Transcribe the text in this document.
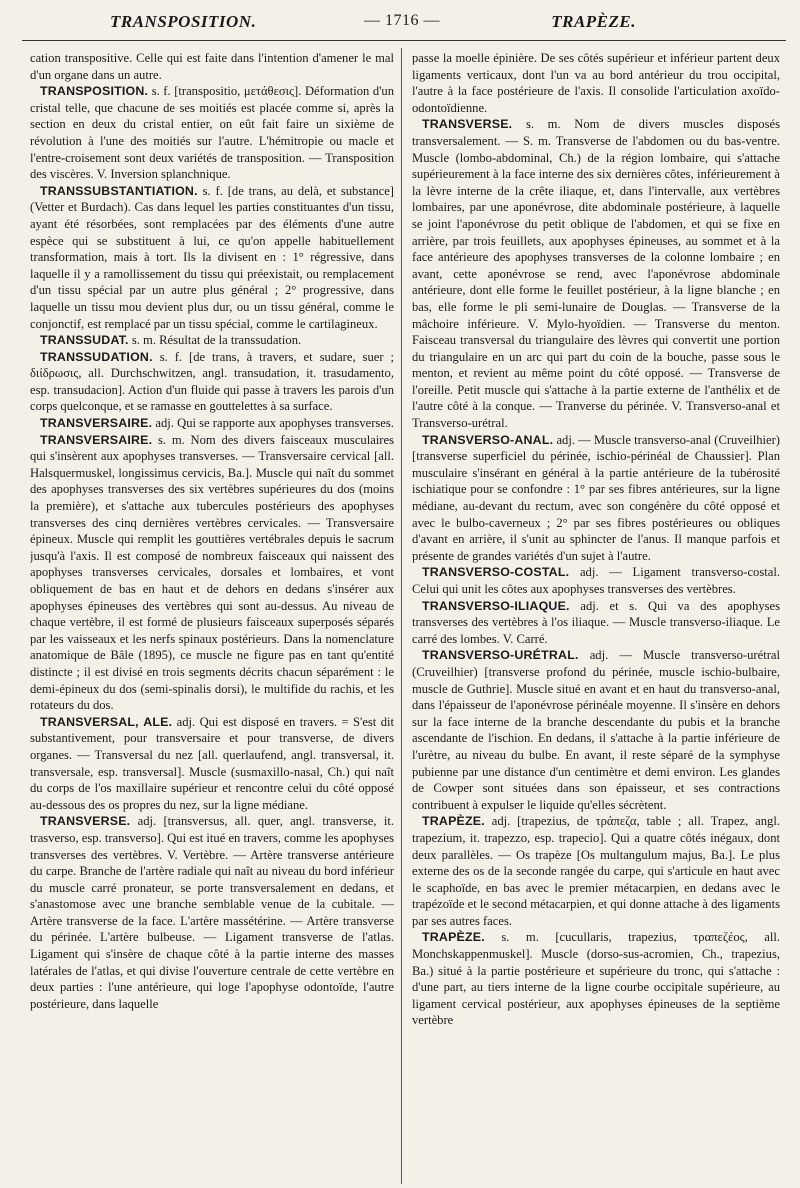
TRANSPOSITION.	— 1716 —	TRAPÈZE.

cation transpositive. Celle qui est faite dans l'intention d'amener le mal d'un organe dans un autre.

TRANSPOSITION. s. f. [transpositio, μετάθεσις]. Déformation d'un cristal telle, que chacune de ses moitiés est placée comme si, après la section en deux du cristal entier, on eût fait faire un sixième de révolution à l'une des moitiés sur l'autre. L'hémitropie ou macle et l'entre-croisement sont deux variétés de transposition. — Transposition des viscères. V. Inversion splanchnique.

TRANSSUBSTANTIATION. s. f. [de trans, au delà, et substance] (Vetter et Burdach). Cas dans lequel les parties constituantes d'un tissu, ayant été résorbées, sont remplacées par des éléments d'une autre espèce qui se substituent à lui, ce qu'on appelle habituellement transformation, mais à tort. Ils la divisent en : 1° régressive, dans laquelle il y a ramollissement du tissu qui préexistait, ou remplacement d'un tissu spécial par un autre plus général ; 2° progressive, dans laquelle un tissu mou devient plus dur, ou un tissu général, comme le conjonctif, est remplacé par un tissu spécial, comme le cartilagineux.

TRANSSUDAT. s. m. Résultat de la transsudation.

TRANSSUDATION. s. f. [de trans, à travers, et sudare, suer ; διίδρωσις, all. Durchschwitzen, angl. transudation, it. trasudamento, esp. transudacion]. Action d'un fluide qui passe à travers les parois d'un corps quelconque, et se ramasse en gouttelettes à sa surface.

TRANSVERSAIRE. adj. Qui se rapporte aux apophyses transverses.

TRANSVERSAIRE. s. m. Nom des divers faisceaux musculaires qui s'insèrent aux apophyses transverses. — Transversaire cervical [all. Halsquermuskel, longissimus cervicis, Ba.]. Muscle qui naît du sommet des apophyses transverses des six vertèbres supérieures du dos (moins la première), et s'attache aux tubercules postérieurs des apophyses transverses des cinq dernières vertèbres cervicales. — Transversaire épineux. Muscle qui remplit les gouttières vertébrales depuis le sacrum jusqu'à l'axis. Il est composé de nombreux faisceaux qui naissent des apophyses transverses cervicales, dorsales et lombaires, et vont obliquement de bas en haut et de dehors en dedans s'insérer aux apophyses épineuses des vertèbres qui sont au-dessus. Au niveau de chaque vertèbre, il est formé de plusieurs faisceaux superposés séparés par les vaisseaux et les nerfs spinaux postérieurs. Dans la nomenclature anatomique de Bâle (1895), ce muscle ne figure pas en tant qu'entité distincte ; il est divisé en trois segments décrits chacun séparément : le demi-épineux du dos (semi-spinalis dorsi), le multifide du rachis, et les rotateurs du dos.

TRANSVERSAL, ALE. adj. Qui est disposé en travers. = S'est dit substantivement, pour transversaire et pour transverse, de divers organes. — Transversal du nez [all. querlaufend, angl. transversal, it. transversale, esp. transversal]. Muscle (susmaxillo-nasal, Ch.) qui naît du corps de l'os maxillaire supérieur et rencontre celui du côté opposé au-dessous des os propres du nez, sur la ligne médiane.

TRANSVERSE. adj. [transversus, all. quer, angl. transverse, it. trasverso, esp. transverso]. Qui est itué en travers, comme les apophyses transverses des vertèbres. V. Vertèbre. — Artère transverse antérieure du carpe. Branche de l'artère radiale qui naît au niveau du bord inférieur du muscle carré pronateur, se porte transversalement en dedans, et s'anastomose avec une branche semblable venue de la cubitale. — Artère transverse de la face. L'artère massétérine. — Artère transverse du périnée. L'artère bulbeuse. — Ligament transverse de l'atlas. Ligament qui s'insère de chaque côté à la partie interne des masses latérales de l'atlas, et qui divise l'ouverture centrale de cette vertèbre en deux parties : l'une antérieure, qui loge l'apophyse odontoïde, l'autre postérieure, dans laquelle

passe la moelle épinière. De ses côtés supérieur et inférieur partent deux ligaments verticaux, dont l'un va au bord antérieur du trou occipital, l'autre à la face postérieure de l'axis. Il consolide l'articulation axoïdo-odontoïdienne.

TRANSVERSE. s. m. Nom de divers muscles disposés transversalement. — S. m. Transverse de l'abdomen ou du bas-ventre. Muscle (lombo-abdominal, Ch.) de la région lombaire, qui s'attache supérieurement à la face interne des six dernières côtes, inférieurement à la lèvre interne de la crête iliaque, et, dans l'intervalle, aux vertèbres lombaires, par une aponévrose, dite abdominale postérieure, à laquelle se joint l'aponévrose du petit oblique de l'abdomen, et qui se fixe en arrière, par trois feuillets, aux apophyses épineuses, au sommet et à la face antérieure des apophyses transverses de la colonne lombaire ; en avant, cette aponévrose se rend, avec l'aponévrose abdominale antérieure, dont elle forme le feuillet postérieur, à la ligne blanche ; en bas, elle forme le pli semi-lunaire de Douglas. — Transverse de la mâchoire inférieure. V. Mylo-hyoïdien. — Transverse du menton. Faisceau transversal du triangulaire des lèvres qui convertit une portion du triangulaire en un arc qui part du coin de la bouche, passe sous le menton, et revient au même point du côté opposé. — Transverse de l'oreille. Petit muscle qui s'attache à la partie externe de l'anthélix et de l'autre côté à la conque. — Tranverse du périnée. V. Transverso-anal et Transverso-urétral.

TRANSVERSO-ANAL. adj. — Muscle transverso-anal (Cruveilhier) [transverse superficiel du périnée, ischio-périnéal de Chaussier]. Plan musculaire s'insérant en général à la partie antérieure de la tubérosité ischiatique pour se confondre : 1° par ses fibres antérieures, sur la ligne médiane, au-devant du rectum, avec son congénère du côté opposé et avec le bulbo-caverneux ; 2° par ses fibres postérieures ou obliques d'avant en arrière, il s'unit au sphincter de l'anus. Il manque parfois et présente de grandes variétés d'un sujet à l'autre.

TRANSVERSO-COSTAL. adj. — Ligament transverso-costal. Celui qui unit les côtes aux apophyses transverses des vertèbres.

TRANSVERSO-ILIAQUE. adj. et s. Qui va des apophyses transverses des vertèbres à l'os iliaque. — Muscle transverso-iliaque. Le carré des lombes. V. Carré.

TRANSVERSO-URÉTRAL. adj. — Muscle transverso-urétral (Cruveilhier) [transverse profond du périnée, muscle ischio-bulbaire, muscle de Guthrie]. Muscle situé en avant et en haut du transverso-anal, dans l'épaisseur de l'aponévrose périnéale moyenne. Il s'insère en dehors sur la face interne de la branche descendante du pubis et la branche ascendante de l'ischion. En dedans, il s'attache à la partie inférieure de l'urètre, au niveau du bulbe. En avant, il reste séparé de la symphyse pubienne par une distance d'un centimètre et demi environ. Les glandes de Cowper sont situées dans son épaisseur, et ses contractions contribuent à expulser le liquide qu'elles sécrètent.

TRAPÈZE. adj. [trapezius, de τράπεζα, table ; all. Trapez, angl. trapezium, it. trapezzo, esp. trapecio]. Qui a quatre côtés inégaux, dont deux parallèles. — Os trapèze [Os multangulum majus, Ba.]. Le plus externe des os de la seconde rangée du carpe, qui s'articule en haut avec le scaphoïde, en bas avec le premier métacarpien, en dedans avec le trapézoïde et le second métacarpien, et qui donne attache à des ligaments par ses autres faces.

TRAPÈZE. s. m. [cucullaris, trapezius, τραπεζέος, all. Monchskappenmuskel]. Muscle (dorso-sus-acromien, Ch., trapezius, Ba.) situé à la partie postérieure et supérieure du tronc, qui s'attache : d'une part, au tiers interne de la ligne courbe occipitale supérieure, au ligament cervical postérieur, aux apophyses épineuses de la septième vertèbre
